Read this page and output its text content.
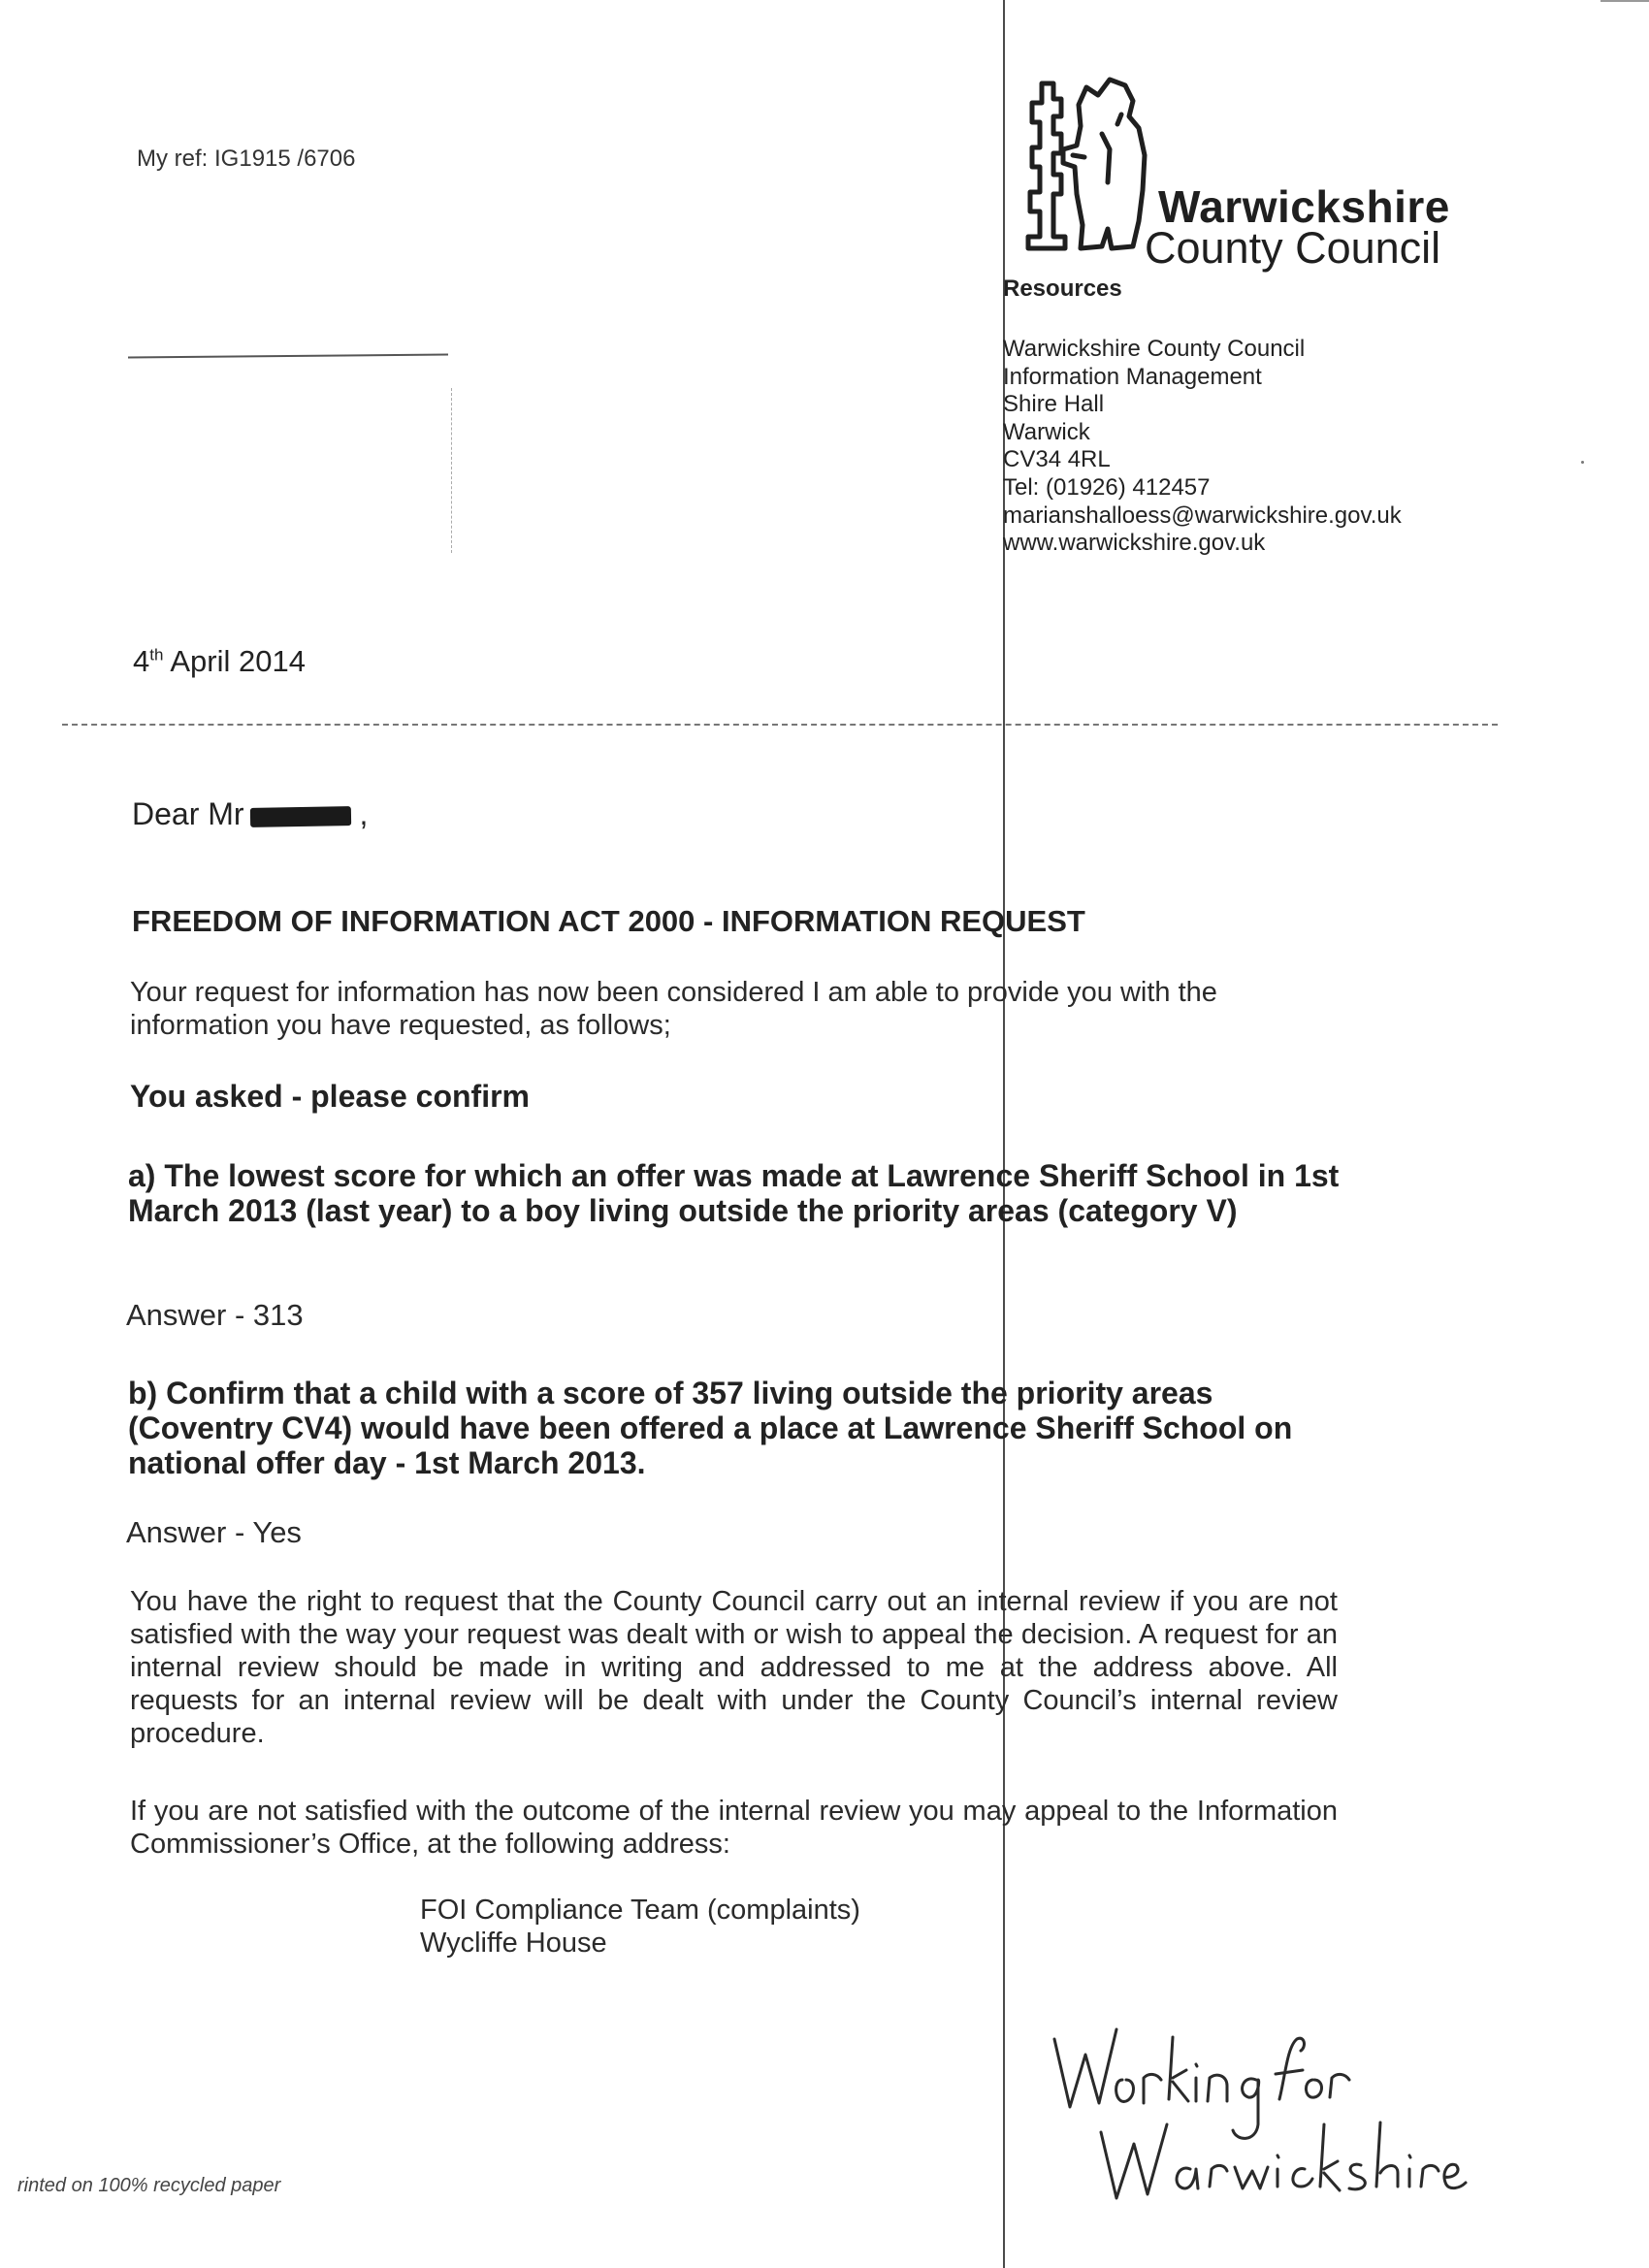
My ref: IG1915 /6706
Warwickshire
County Council
Resources
Warwickshire County Council
Information Management
Shire Hall
Warwick
CV34 4RL
Tel: (01926) 412457
marianshalloess@warwickshire.gov.uk
www.warwickshire.gov.uk
4th April 2014
Dear Mr	,
FREEDOM OF INFORMATION ACT 2000 - INFORMATION REQUEST
Your request for information has now been considered I am able to provide you with the information you have requested, as follows;
You asked - please confirm
a) The lowest score for which an offer was made at Lawrence Sheriff School in 1st March 2013 (last year) to a boy living outside the priority areas (category V)
Answer - 313
b) Confirm that a child with a score of 357 living outside the priority areas (Coventry CV4) would have been offered a place at Lawrence Sheriff School on national offer day - 1st March 2013.
Answer - Yes
You have the right to request that the County Council carry out an internal review if you are not satisfied with the way your request was dealt with or wish to appeal the decision. A request for an internal review should be made in writing and addressed to me at the address above. All requests for an internal review will be dealt with under the County Council’s internal review procedure.
If you are not satisfied with the outcome of the internal review you may appeal to the Information Commissioner’s Office, at the following address:
FOI Compliance Team (complaints)
Wycliffe House
rinted on 100% recycled paper
